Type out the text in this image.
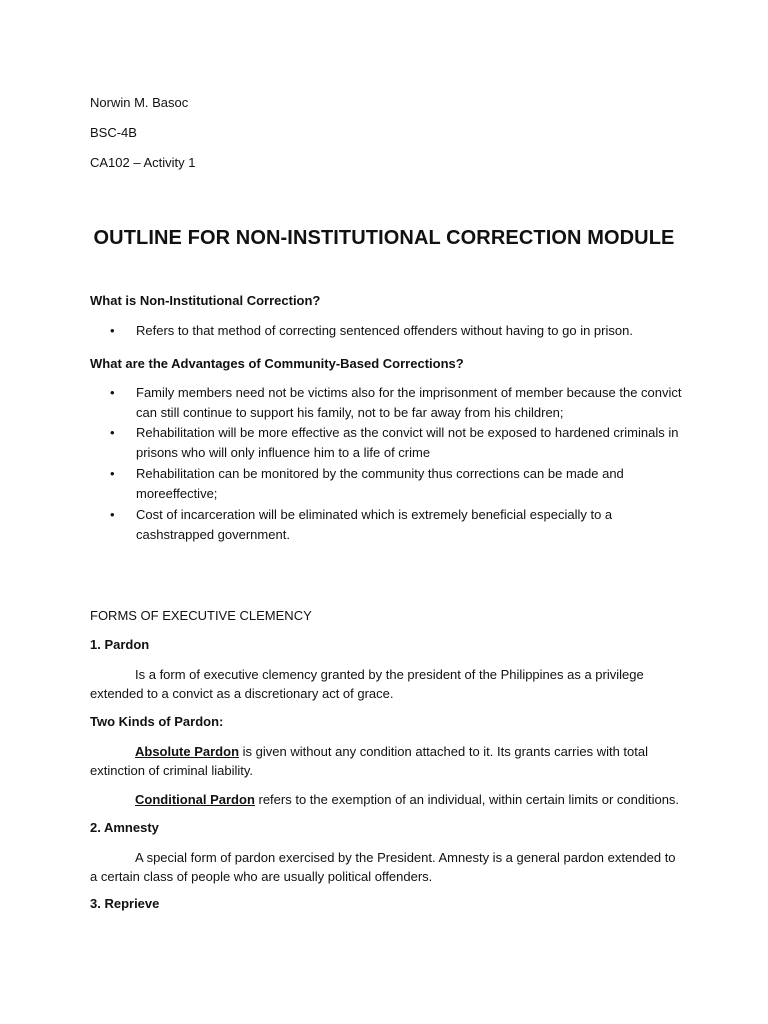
Norwin M. Basoc
BSC-4B
CA102 – Activity 1
OUTLINE FOR NON-INSTITUTIONAL CORRECTION MODULE
What is Non-Institutional Correction?
•	Refers to that method of correcting sentenced offenders without having to go in prison.
What are the Advantages of Community-Based Corrections?
•	Family members need not be victims also for the imprisonment of member because the convict can still continue to support his family, not to be far away from his children;
•	Rehabilitation will be more effective as the convict will not be exposed to hardened criminals in prisons who will only influence him to a life of crime
•	Rehabilitation can be monitored by the community thus corrections can be made and moreeffective;
•	Cost of incarceration will be eliminated which is extremely beneficial especially to a cashstrapped government.
FORMS OF EXECUTIVE CLEMENCY
1. Pardon
Is a form of executive clemency granted by the president of the Philippines as a privilege extended to a convict as a discretionary act of grace.
Two Kinds of Pardon:
Absolute Pardon is given without any condition attached to it. Its grants carries with total extinction of criminal liability.
Conditional Pardon refers to the exemption of an individual, within certain limits or conditions.
2. Amnesty
A special form of pardon exercised by the President. Amnesty is a general pardon extended to a certain class of people who are usually political offenders.
3. Reprieve
